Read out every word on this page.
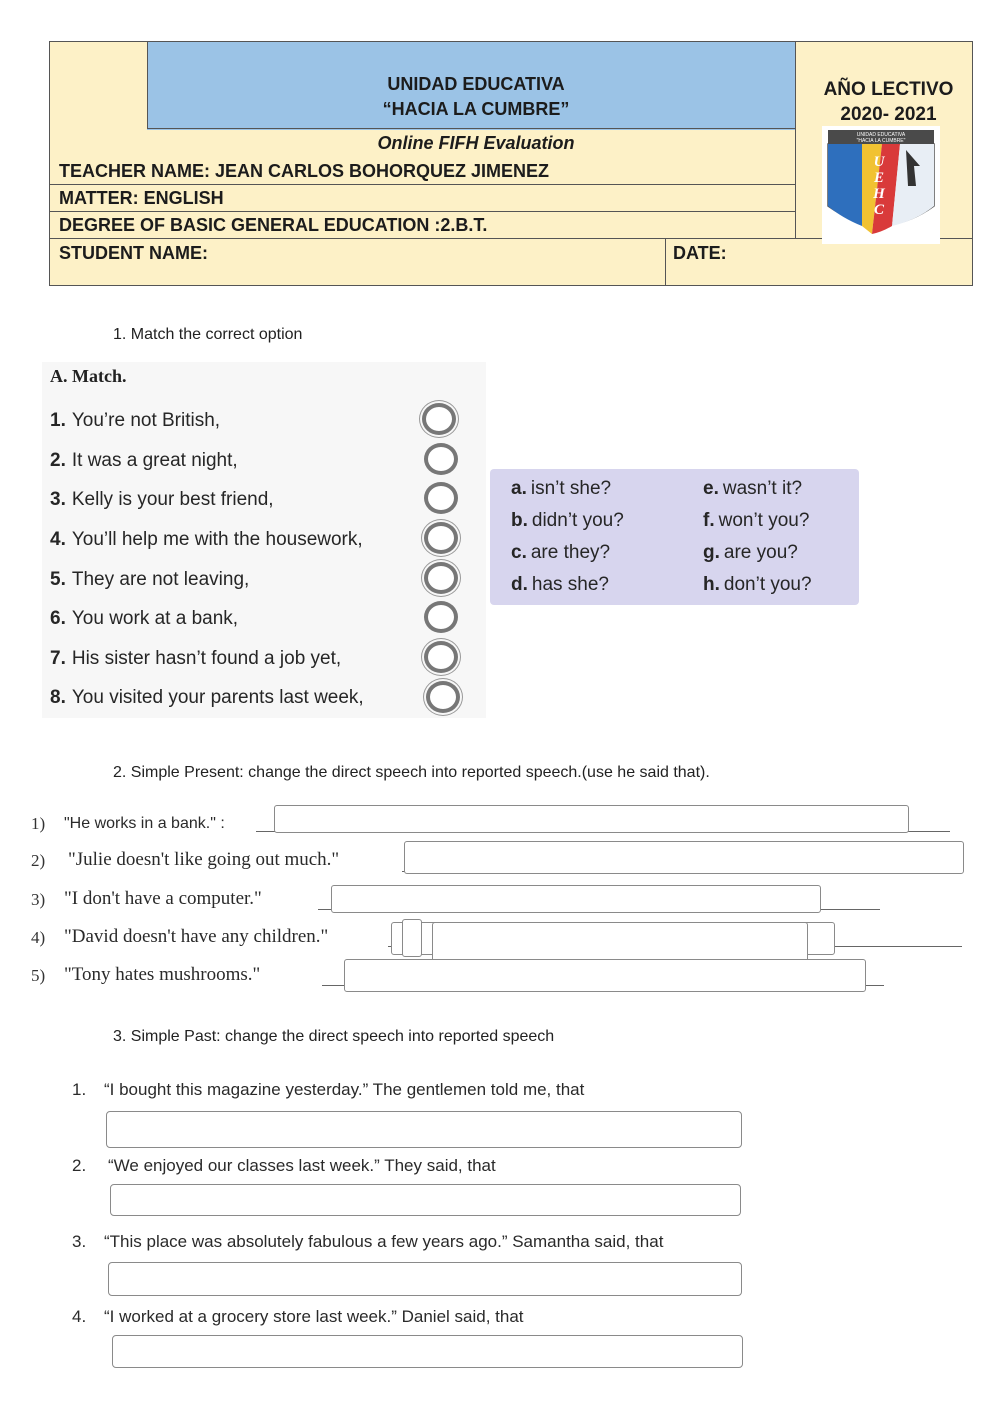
UNIDAD EDUCATIVA
“HACIA LA CUMBRE”
AÑO LECTIVO
2020- 2021
Online FIFH Evaluation
TEACHER NAME: JEAN CARLOS BOHORQUEZ JIMENEZ
MATTER: ENGLISH
DEGREE OF BASIC GENERAL EDUCATION :2.B.T.
STUDENT NAME:	DATE:
UNIDAD EDUCATIVA
"HACIA LA CUMBRE"
U
E
H
C
1. Match the correct option
A. Match.
1. You’re not British,
2. It was a great night,
3. Kelly is your best friend,
4. You’ll help me with the housework,
5. They are not leaving,
6. You work at a bank,
7. His sister hasn’t found a job yet,
8. You visited your parents last week,
a. isn’t she?
b. didn’t you?
c. are they?
d. has she?
e. wasn’t it?
f. won’t you?
g. are you?
h. don’t you?
2. Simple Present: change the direct speech into reported speech.(use he said that).
1) "He works in a bank." :
2) "Julie doesn't like going out much."
3) "I don't have a computer."
4) "David doesn't have any children."
5) "Tony hates mushrooms."
3. Simple Past: change the direct speech into reported speech
1. “I bought this magazine yesterday.” The gentlemen told me, that
2. “We enjoyed our classes last week.” They said, that
3. “This place was absolutely fabulous a few years ago.” Samantha said, that
4. “I worked at a grocery store last week.” Daniel said, that
